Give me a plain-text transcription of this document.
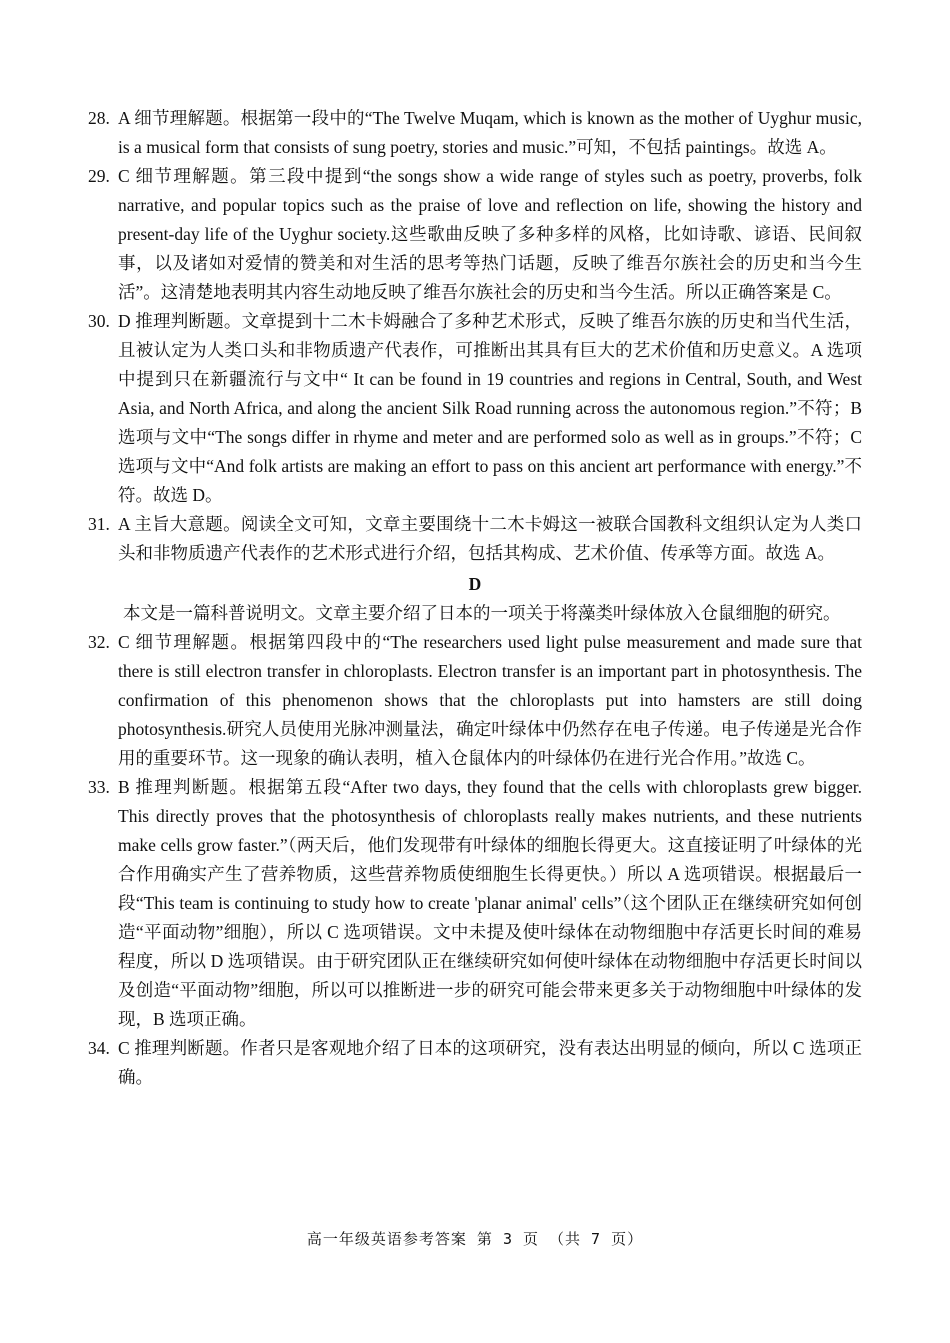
28. A 细节理解题。根据第一段中的“The Twelve Muqam, which is known as the mother of Uyghur music, is a musical form that consists of sung poetry, stories and music.”可知，不包括 paintings。故选 A。
29. C 细节理解题。第三段中提到“the songs show a wide range of styles such as poetry, proverbs, folk narrative, and popular topics such as the praise of love and reflection on life, showing the history and present-day life of the Uyghur society.这些歌曲反映了多种多样的风格，比如诗歌、谚语、民间叙事，以及诸如对爱情的赞美和对生活的思考等热门话题，反映了维吾尔族社会的历史和当今生活”。这清楚地表明其内容生动地反映了维吾尔族社会的历史和当今生活。所以正确答案是 C。
30. D 推理判断题。文章提到十二木卡姆融合了多种艺术形式，反映了维吾尔族的历史和当代生活，且被认定为人类口头和非物质遗产代表作，可推断出其具有巨大的艺术价值和历史意义。A 选项中提到只在新疆流行与文中“ It can be found in 19 countries and regions in Central, South, and West Asia, and North Africa, and along the ancient Silk Road running across the autonomous region.”不符；B 选项与文中“The songs differ in rhyme and meter and are performed solo as well as in groups.”不符；C 选项与文中“And folk artists are making an effort to pass on this ancient art performance with energy.”不符。故选 D。
31. A 主旨大意题。阅读全文可知，文章主要围绕十二木卡姆这一被联合国教科文组织认定为人类口头和非物质遗产代表作的艺术形式进行介绍，包括其构成、艺术价值、传承等方面。故选 A。
D
本文是一篇科普说明文。文章主要介绍了日本的一项关于将藻类叶绿体放入仓鼠细胞的研究。
32. C 细节理解题。根据第四段中的“The researchers used light pulse measurement and made sure that there is still electron transfer in chloroplasts. Electron transfer is an important part in photosynthesis. The confirmation of this phenomenon shows that the chloroplasts put into hamsters are still doing photosynthesis.研究人员使用光脉冲测量法，确定叶绿体中仍然存在电子传递。电子传递是光合作用的重要环节。这一现象的确认表明，植入仓鼠体内的叶绿体仍在进行光合作用。”故选 C。
33. B 推理判断题。根据第五段“After two days, they found that the cells with chloroplasts grew bigger. This directly proves that the photosynthesis of chloroplasts really makes nutrients, and these nutrients make cells grow faster.”（两天后，他们发现带有叶绿体的细胞长得更大。这直接证明了叶绿体的光合作用确实产生了营养物质，这些营养物质使细胞生长得更快。）所以 A 选项错误。根据最后一段“This team is continuing to study how to create 'planar animal' cells”（这个团队正在继续研究如何创造“平面动物”细胞），所以 C 选项错误。文中未提及使叶绿体在动物细胞中存活更长时间的难易程度，所以 D 选项错误。由于研究团队正在继续研究如何使叶绿体在动物细胞中存活更长时间以及创造“平面动物”细胞，所以可以推断进一步的研究可能会带来更多关于动物细胞中叶绿体的发现，B 选项正确。
34. C 推理判断题。作者只是客观地介绍了日本的这项研究，没有表达出明显的倾向，所以 C 选项正确。
高一年级英语参考答案 第 3 页 （共 7 页）
